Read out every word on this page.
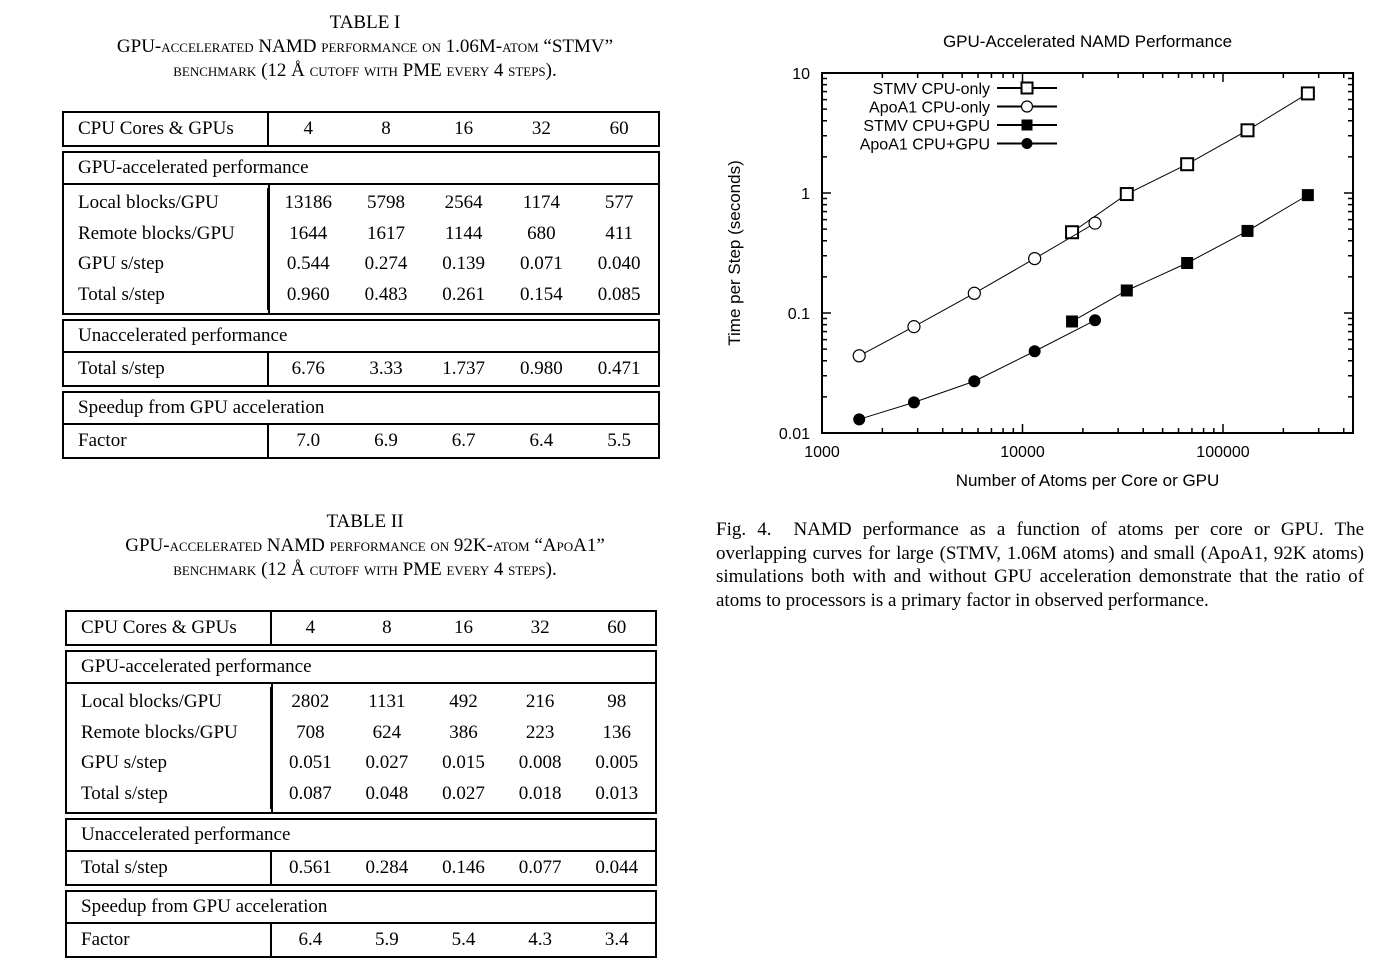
TABLE I
GPU-accelerated NAMD performance on 1.06M-atom “STMV”
benchmark (12 Å cutoff with PME every 4 steps).
CPU Cores & GPUs	4	8	16	32	60
GPU-accelerated performance
Local blocks/GPU	13186	5798	2564	1174	577
Remote blocks/GPU	1644	1617	1144	680	411
GPU s/step	0.544	0.274	0.139	0.071	0.040
Total s/step	0.960	0.483	0.261	0.154	0.085
Unaccelerated performance
Total s/step	6.76	3.33	1.737	0.980	0.471
Speedup from GPU acceleration
Factor	7.0	6.9	6.7	6.4	5.5
TABLE II
GPU-accelerated NAMD performance on 92K-atom “ApoA1”
benchmark (12 Å cutoff with PME every 4 steps).
CPU Cores & GPUs	4	8	16	32	60
GPU-accelerated performance
Local blocks/GPU	2802	1131	492	216	98
Remote blocks/GPU	708	624	386	223	136
GPU s/step	0.051	0.027	0.015	0.008	0.005
Total s/step	0.087	0.048	0.027	0.018	0.013
Unaccelerated performance
Total s/step	0.561	0.284	0.146	0.077	0.044
Speedup from GPU acceleration
Factor	6.4	5.9	5.4	4.3	3.4
GPU-Accelerated NAMD Performance
1000	10000	100000
0.01
0.1
1
10
Number of Atoms per Core or GPU
Time per Step (seconds)
STMV CPU-only
ApoA1 CPU-only
STMV CPU+GPU
ApoA1 CPU+GPU
Fig. 4. NAMD performance as a function of atoms per core or GPU. The overlapping curves for large (STMV, 1.06M atoms) and small (ApoA1, 92K atoms) simulations both with and without GPU acceleration demonstrate that the ratio of atoms to processors is a primary factor in observed performance.
